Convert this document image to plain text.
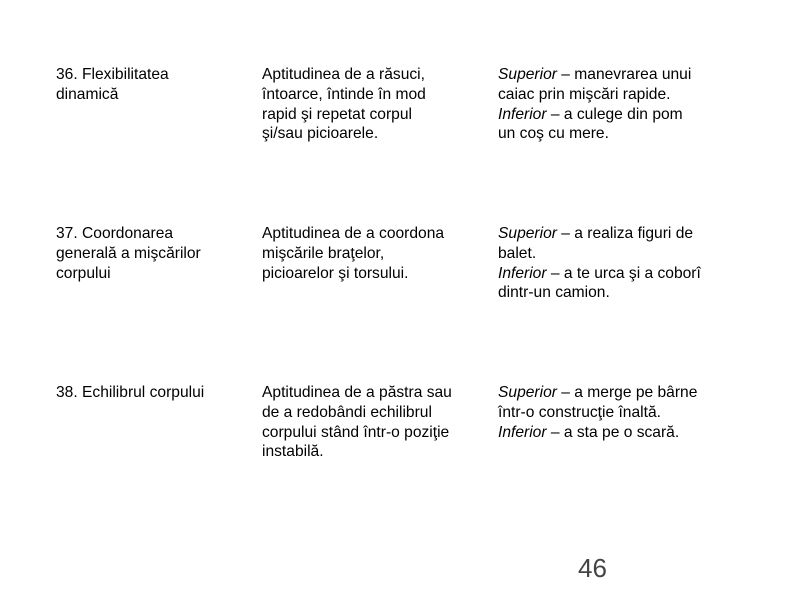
36. Flexibilitatea
dinamică
Aptitudinea de a răsuci,
întoarce, întinde în mod
rapid şi repetat corpul
şi/sau picioarele.
Superior – manevrarea unui
caiac prin mişcări rapide.
Inferior – a culege din pom
un coş cu mere.
37. Coordonarea
generală a mişcărilor
corpului
Aptitudinea de a coordona
mişcările braţelor,
picioarelor şi torsului.
Superior – a realiza figuri de
balet.
Inferior – a te urca şi a coborî
dintr-un camion.
38. Echilibrul corpului	Aptitudinea de a păstra sau
de a redobândi echilibrul
corpului stând într-o poziţie
instabilă.
Superior – a merge pe bârne
într-o construcţie înaltă.
Inferior – a sta pe o scară.
46
